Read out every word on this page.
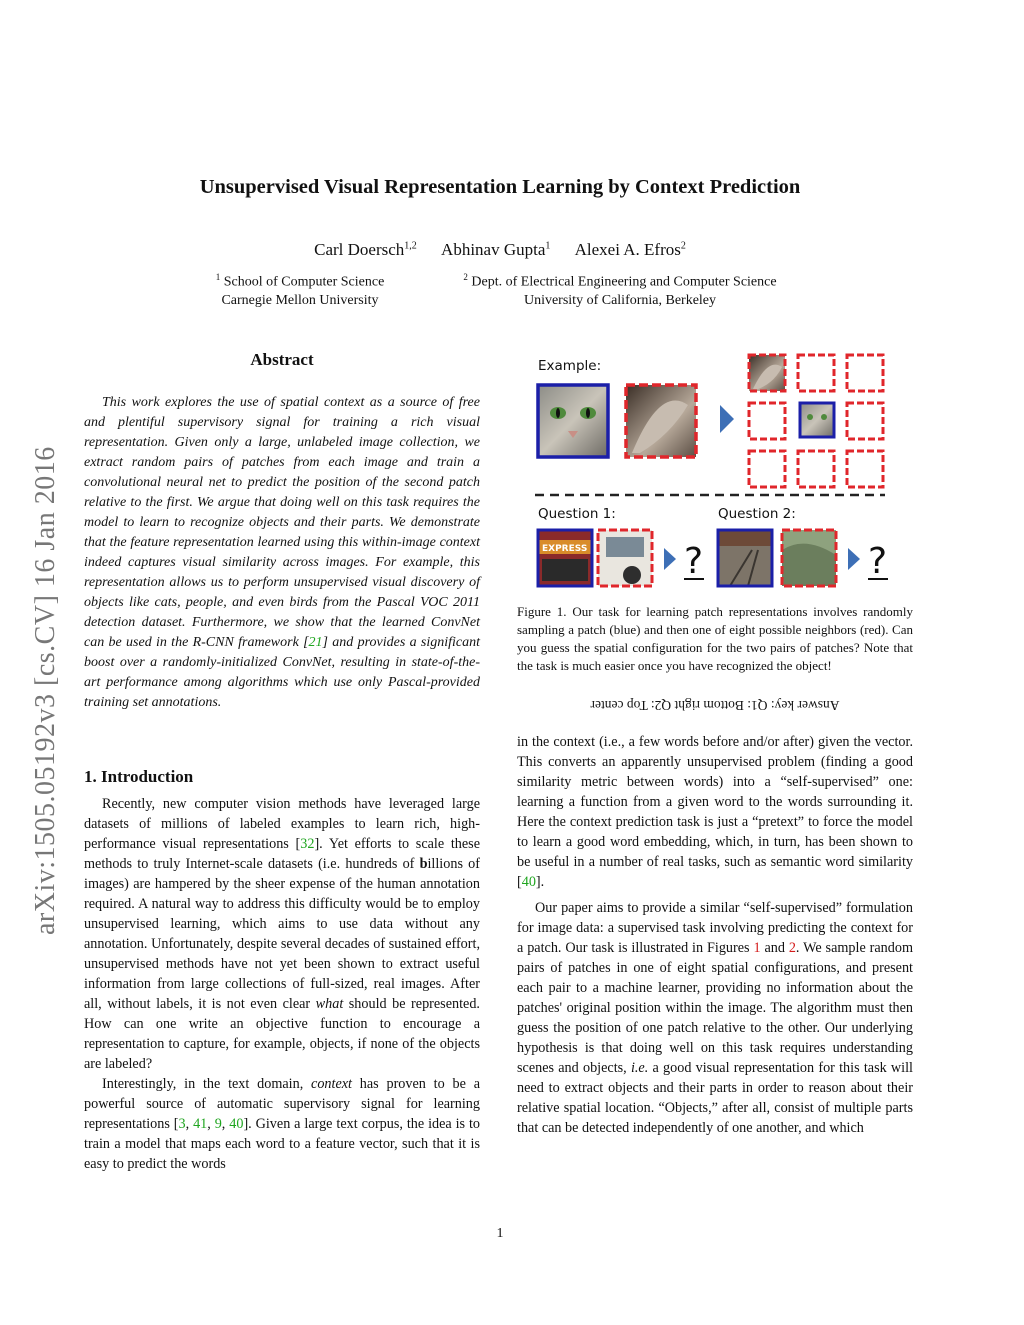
Unsupervised Visual Representation Learning by Context Prediction
Carl Doersch$^{1,2}$ Abhinav Gupta$^1$ Alexei A. Efros$^2$
$^1$ School of Computer Science
Carnegie Mellon University
$^2$ Dept. of Electrical Engineering and Computer Science
University of California, Berkeley
arXiv:1505.05192v3 [cs.CV] 16 Jan 2016
Abstract

This work explores the use of spatial context as a source of free and plentiful supervisory signal for training a rich visual representation. Given only a large, unlabeled image collection, we extract random pairs of patches from each image and train a convolutional neural net to predict the position of the second patch relative to the first. We argue that doing well on this task requires the model to learn to recognize objects and their parts. We demonstrate that the feature representation learned using this within-image context indeed captures visual similarity across images. For example, this representation allows us to perform unsupervised visual discovery of objects like cats, people, and even birds from the Pascal VOC 2011 detection dataset. Furthermore, we show that the learned ConvNet can be used in the R-CNN framework [21] and provides a significant boost over a randomly-initialized ConvNet, resulting in state-of-the-art performance among algorithms which use only Pascal-provided training set annotations.

1. Introduction

Recently, new computer vision methods have leveraged large datasets of millions of labeled examples to learn rich, high-performance visual representations [32]. Yet efforts to scale these methods to truly Internet-scale datasets (i.e. hundreds of billions of images) are hampered by the sheer expense of the human annotation required. A natural way to address this difficulty would be to employ unsupervised learning, which aims to use data without any annotation. Unfortunately, despite several decades of sustained effort, unsupervised methods have not yet been shown to extract useful information from large collections of full-sized, real images. After all, without labels, it is not even clear what should be represented. How can one write an objective function to encourage a representation to capture, for example, objects, if none of the objects are labeled?

Interestingly, in the text domain, context has proven to be a powerful source of automatic supervisory signal for learning representations [3, 41, 9, 40]. Given a large text corpus, the idea is to train a model that maps each word to a feature vector, such that it is easy to predict the words

Example:
Question 1:	Question 2:
EXPRESS	?	?
Figure 1. Our task for learning patch representations involves randomly sampling a patch (blue) and then one of eight possible neighbors (red). Can you guess the spatial configuration for the two pairs of patches? Note that the task is much easier once you have recognized the object!
Answer key: Q1: Bottom right Q2: Top center

in the context (i.e., a few words before and/or after) given the vector. This converts an apparently unsupervised problem (finding a good similarity metric between words) into a “self-supervised” one: learning a function from a given word to the words surrounding it. Here the context prediction task is just a “pretext” to force the model to learn a good word embedding, which, in turn, has been shown to be useful in a number of real tasks, such as semantic word similarity [40].

Our paper aims to provide a similar “self-supervised” formulation for image data: a supervised task involving predicting the context for a patch. Our task is illustrated in Figures 1 and 2. We sample random pairs of patches in one of eight spatial configurations, and present each pair to a machine learner, providing no information about the patches' original position within the image. The algorithm must then guess the position of one patch relative to the other. Our underlying hypothesis is that doing well on this task requires understanding scenes and objects, i.e. a good visual representation for this task will need to extract objects and their parts in order to reason about their relative spatial location. “Objects,” after all, consist of multiple parts that can be detected independently of one another, and which

1
